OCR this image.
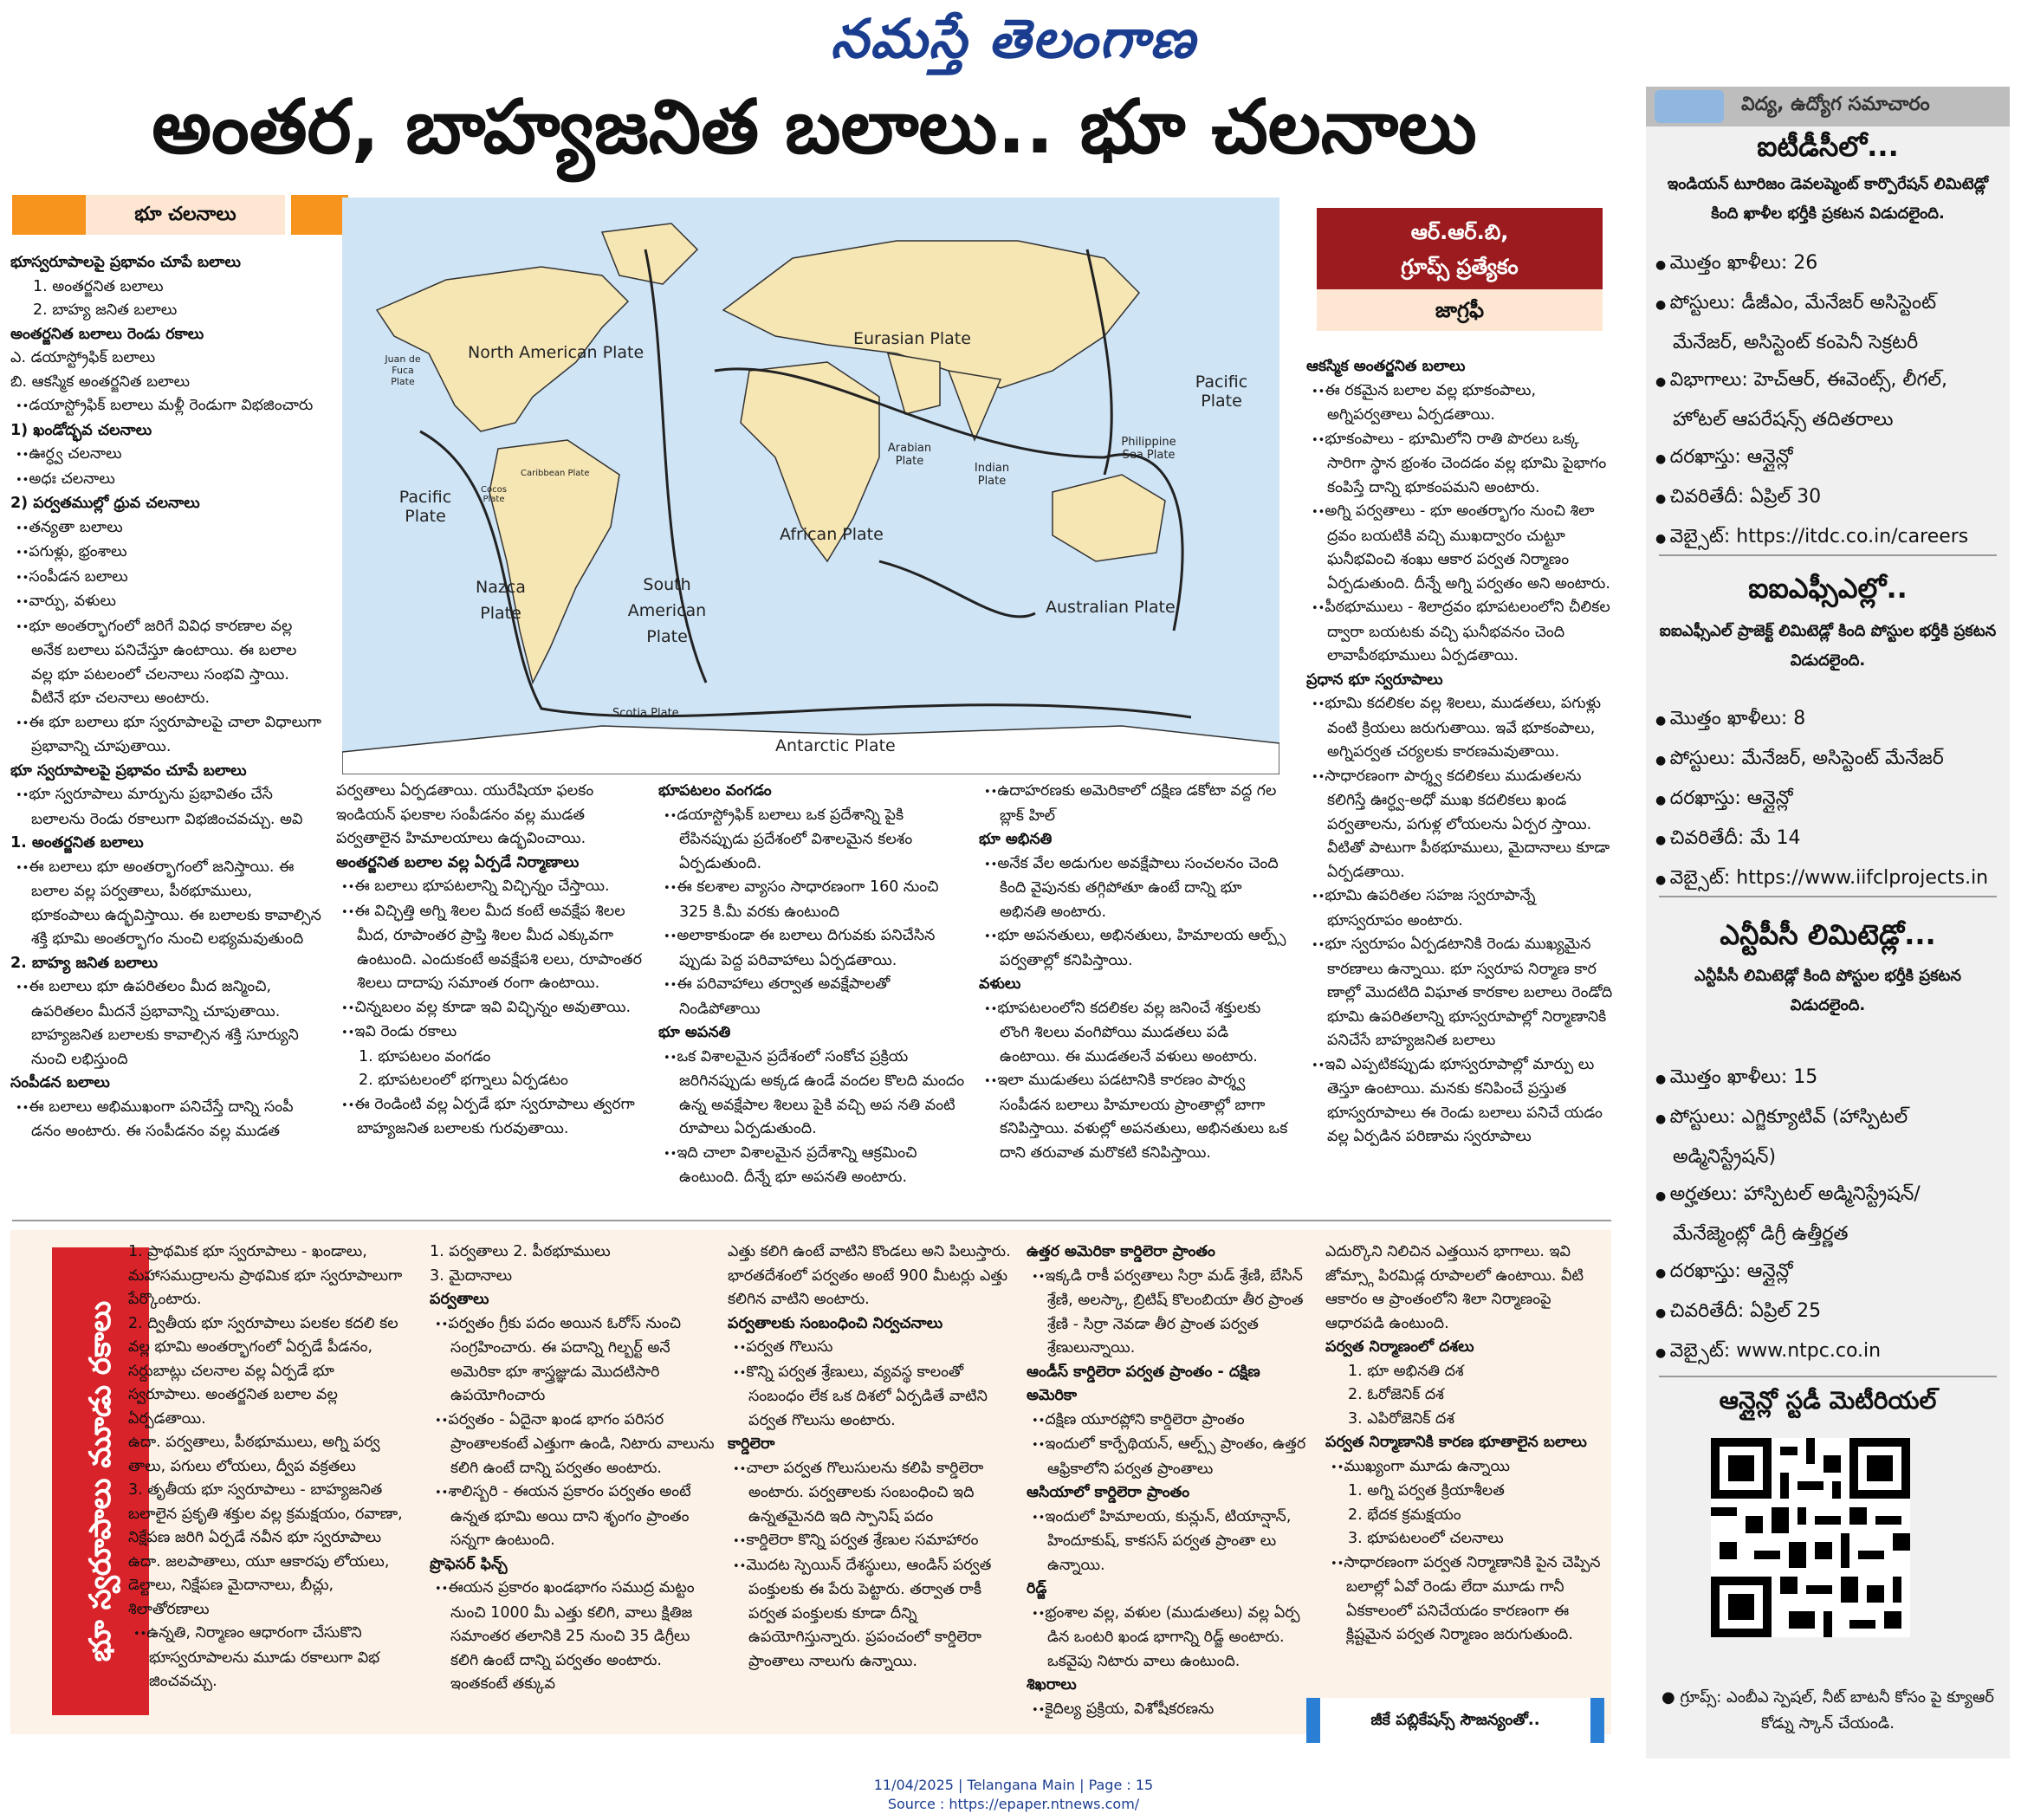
నమస్తే తెలంగాణ
అంతర, బాహ్యజనిత బలాలు.. భూ చలనాలు
భూ చలనాలు
North American Plate
Juan de Fuca Plate
Eurasian Plate
Pacific Plate
Pacific Plate
Philippine Sea Plate
Caribbean Plate
Cocos Plate
Arabian Plate
Indian Plate
African Plate
South American Plate
Nazca Plate	Australian Plate
Scotia Plate
Antarctic Plate
ఆర్.ఆర్.బి,
గ్రూప్స్ ప్రత్యేకం
జాగ్రఫీ

భూస్వరూపాలపై ప్రభావం చూపే బలాలు

1. అంతర్జనిత బలాలు

2. బాహ్య జనిత బలాలు

అంతర్జనిత బలాలు రెండు రకాలు

ఎ. డయాస్ట్రోఫిక్ బలాలు

బి. ఆకస్మిక అంతర్జనిత బలాలు

•• డయాస్ట్రోఫిక్ బలాలు మళ్లీ రెండుగా విభజించారు

1) ఖండోద్భవ చలనాలు

•• ఊర్ధ్వ చలనాలు

•• అధః చలనాలు

2) పర్వతముల్లో ధ్రువ చలనాలు

•• తన్యతా బలాలు

•• పగుళ్లు, భ్రంశాలు

•• సంపీడన బలాలు

•• వార్పు, వళులు

•• భూ అంతర్భాగంలో జరిగే వివిధ కారణాల వల్ల అనేక బలాలు పనిచేస్తూ ఉంటాయి. ఈ బలాల వల్ల భూ పటలంలో చలనాలు సంభవి స్తాయి. వీటినే భూ చలనాలు అంటారు.

•• ఈ భూ బలాలు భూ స్వరూపాలపై చాలా విధాలుగా ప్రభావాన్ని చూపుతాయి.

భూ స్వరూపాలపై ప్రభావం చూపే బలాలు

•• భూ స్వరూపాలు మార్పును ప్రభావితం చేసే బలాలను రెండు రకాలుగా విభజించవచ్చు. అవి

1. అంతర్జనిత బలాలు

•• ఈ బలాలు భూ అంతర్భాగంలో జనిస్తాయి. ఈ బలాల వల్ల పర్వతాలు, పీఠభూములు, భూకంపాలు ఉద్భవిస్తాయి. ఈ బలాలకు కావాల్సిన శక్తి భూమి అంతర్భాగం నుంచి లభ్యమవుతుంది

2. బాహ్య జనిత బలాలు

•• ఈ బలాలు భూ ఉపరితలం మీద జన్మించి, ఉపరితలం మీదనే ప్రభావాన్ని చూపుతాయి. బాహ్యజనిత బలాలకు కావాల్సిన శక్తి సూర్యుని నుంచి లభిస్తుంది

సంపీడన బలాలు

•• ఈ బలాలు అభిముఖంగా పనిచేస్తే దాన్ని సంపీ డనం అంటారు. ఈ సంపీడనం వల్ల ముడత

పర్వతాలు ఏర్పడతాయి. యురేషియా ఫలకం ఇండియన్ ఫలకాల సంపీడనం వల్ల ముడత పర్వతాలైన హిమాలయాలు ఉద్భవించాయి.

అంతర్జనిత బలాల వల్ల ఏర్పడే నిర్మాణాలు

•• ఈ బలాలు భూపటలాన్ని విచ్ఛిన్నం చేస్తాయి.

•• ఈ విచ్ఛిత్తి అగ్ని శిలల మీద కంటే అవక్షేప శిలల మీద, రూపాంతర ప్రాప్తి శిలల మీద ఎక్కువగా ఉంటుంది. ఎందుకంటే అవక్షేపశి లలు, రూపాంతర శిలలు దాదాపు సమాంత రంగా ఉంటాయి.

•• చిన్నబలం వల్ల కూడా ఇవి విచ్ఛిన్నం అవుతాయి.

•• ఇవి రెండు రకాలు

1. భూపటలం వంగడం

2. భూపటలంలో భగ్నాలు ఏర్పడటం

•• ఈ రెండింటి వల్ల ఏర్పడే భూ స్వరూపాలు త్వరగా బాహ్యజనిత బలాలకు గురవుతాయి.

భూపటలం వంగడం

•• డయాస్ట్రోఫిక్ బలాలు ఒక ప్రదేశాన్ని పైకి లేపినప్పుడు ప్రదేశంలో విశాలమైన కలశం ఏర్పడుతుంది.

•• ఈ కలశాల వ్యాసం సాధారణంగా 160 నుంచి 325 కి.మీ వరకు ఉంటుంది

•• అలాకాకుండా ఈ బలాలు దిగువకు పనిచేసిన ప్పుడు పెద్ద పరివాహాలు ఏర్పడతాయి.

•• ఈ పరివాహాలు తర్వాత అవక్షేపాలతో నిండిపోతాయి

భూ అపనతి

•• ఒక విశాలమైన ప్రదేశంలో సంకోచ ప్రక్రియ జరిగినప్పుడు అక్కడ ఉండే వందల కొలది మందం ఉన్న అవక్షేపాల శిలలు పైకి వచ్చి అప నతి వంటి రూపాలు ఏర్పడుతుంది.

•• ఇది చాలా విశాలమైన ప్రదేశాన్ని ఆక్రమించి ఉంటుంది. దీన్నే భూ అపనతి అంటారు.

•• ఉదాహరణకు అమెరికాలో దక్షిణ డకోటా వద్ద గల బ్లాక్ హిల్

భూ అభినతి

•• అనేక వేల అడుగుల అవక్షేపాలు సంచలనం చెంది కింది వైపునకు తగ్గిపోతూ ఉంటే దాన్ని భూ అభినతి అంటారు.

•• భూ అపనతులు, అభినతులు, హిమాలయ ఆల్ప్స్ పర్వతాల్లో కనిపిస్తాయి.

వళులు

•• భూపటలంలోని కదలికల వల్ల జనించే శక్తులకు లొంగి శిలలు వంగిపోయి ముడతలు పడి ఉంటాయి. ఈ ముడతలనే వళులు అంటారు.

•• ఇలా ముడుతలు పడటానికి కారణం పార్శ్వ సంపీడన బలాలు హిమాలయ ప్రాంతాల్లో బాగా కనిపిస్తాయి. వళుల్లో అపనతులు, అభినతులు ఒక దాని తరువాత మరొకటి కనిపిస్తాయి.

ఆకస్మిక అంతర్జనిత బలాలు

•• ఈ రకమైన బలాల వల్ల భూకంపాలు, అగ్నిపర్వతాలు ఏర్పడతాయి.

•• భూకంపాలు - భూమిలోని రాతి పొరలు ఒక్క సారిగా స్థాన భ్రంశం చెందడం వల్ల భూమి పైభాగం కంపిస్తే దాన్ని భూకంపమని అంటారు.

•• అగ్ని పర్వతాలు - భూ అంతర్భాగం నుంచి శిలా ద్రవం బయటికి వచ్చి ముఖద్వారం చుట్టూ ఘనీభవించి శంఖు ఆకార పర్వత నిర్మాణం ఏర్పడుతుంది. దీన్నే అగ్ని పర్వతం అని అంటారు.

•• పీఠభూములు - శిలాద్రవం భూపటలంలోని చీలికల ద్వారా బయటకు వచ్చి ఘనీభవనం చెంది లావాపీఠభూములు ఏర్పడతాయి.

ప్రధాన భూ స్వరూపాలు

•• భూమి కదలికల వల్ల శిలలు, ముడతలు, పగుళ్లు వంటి క్రియలు జరుగుతాయి. ఇవే భూకంపాలు, అగ్నిపర్వత చర్యలకు కారణమవుతాయి.

•• సాధారణంగా పార్శ్వ కదలికలు ముడుతలను కలిగిస్తే ఊర్ధ్వ-అధో ముఖ కదలికలు ఖండ పర్వతాలను, పగుళ్ల లోయలను ఏర్పర స్తాయి. వీటితో పాటుగా పీఠభూములు, మైదానాలు కూడా ఏర్పడతాయి.

•• భూమి ఉపరితల సహజ స్వరూపాన్నే భూస్వరూపం అంటారు.

•• భూ స్వరూపం ఏర్పడటానికి రెండు ముఖ్యమైన కారణాలు ఉన్నాయి. భూ స్వరూప నిర్మాణ కార ణాల్లో మొదటిది విఘాత కారకాల బలాలు రెండోది భూమి ఉపరితలాన్ని భూస్వరూపాల్లో నిర్మాణానికి పనిచేసే బాహ్యజనిత బలాలు

•• ఇవి ఎప్పటికప్పుడు భూస్వరూపాల్లో మార్పు లు తెస్తూ ఉంటాయి. మనకు కనిపించే ప్రస్తుత భూస్వరూపాలు ఈ రెండు బలాలు పనిచే యడం వల్ల ఏర్పడిన పరిణామ స్వరూపాలు

భూ స్వరూపాలు మూడు రకాలు

1. ప్రాథమిక భూ స్వరూపాలు - ఖండాలు, మహాసముద్రాలను ప్రాథమిక భూ స్వరూపాలుగా పేర్కొంటారు.

2. ద్వితీయ భూ స్వరూపాలు పలకల కదలి కల వల్ల భూమి అంతర్భాగంలో ఏర్పడే పీడనం, సర్దుబాట్లు చలనాల వల్ల ఏర్పడే భూ స్వరూపాలు. అంతర్జనిత బలాల వల్ల ఏర్పడతాయి.

ఉదా. పర్వతాలు, పీఠభూములు, అగ్ని పర్వ తాలు, పగులు లోయలు, ద్వీప వక్రతలు

3. తృతీయ భూ స్వరూపాలు - బాహ్యజనిత బలాలైన ప్రకృతి శక్తుల వల్ల క్రమక్షయం, రవాణా, నిక్షేపణ జరిగి ఏర్పడే నవీన భూ స్వరూపాలు

ఉదా. జలపాతాలు, యూ ఆకారపు లోయలు, డెల్టాలు, నిక్షేపణ మైదానాలు, బీచ్లు, శిలాతోరణాలు

•• ఉన్నతి, నిర్మాణం ఆధారంగా చేసుకొని భూస్వరూపాలను మూడు రకాలుగా విభ జించవచ్చు.

1. పర్వతాలు 2. పీఠభూములు

3. మైదానాలు

పర్వతాలు

•• పర్వతం గ్రీకు పదం అయిన ఓరోస్ నుంచి సంగ్రహించారు. ఈ పదాన్ని గిల్బర్ట్ అనే అమెరికా భూ శాస్త్రజ్ఞుడు మొదటిసారి ఉపయోగించారు

•• పర్వతం - ఏదైనా ఖండ భాగం పరిసర ప్రాంతాలకంటే ఎత్తుగా ఉండి, నిటారు వాలును కలిగి ఉంటే దాన్ని పర్వతం అంటారు.

•• శాలిస్బరి - ఈయన ప్రకారం పర్వతం అంటే ఉన్నత భూమి అయి దాని శృంగం ప్రాంతం సన్నగా ఉంటుంది.

ప్రొఫెసర్ ఫిన్చ్

•• ఈయన ప్రకారం ఖండభాగం సముద్ర మట్టం నుంచి 1000 మీ ఎత్తు కలిగి, వాలు క్షితిజ సమాంతర తలానికి 25 నుంచి 35 డిగ్రీలు కలిగి ఉంటే దాన్ని పర్వతం అంటారు. ఇంతకంటే తక్కువ

ఎత్తు కలిగి ఉంటే వాటిని కొండలు అని పిలుస్తారు. భారతదేశంలో పర్వతం అంటే 900 మీటర్లు ఎత్తు కలిగిన వాటిని అంటారు.

పర్వతాలకు సంబంధించి నిర్వచనాలు

•• పర్వత గొలుసు

•• కొన్ని పర్వత శ్రేణులు, వ్యవస్థ కాలంతో సంబంధం లేక ఒక దిశలో ఏర్పడితే వాటిని పర్వత గొలుసు అంటారు.

కార్డిలెరా

•• చాలా పర్వత గొలుసులను కలిపి కార్డిలెరా అంటారు. పర్వతాలకు సంబంధించి ఇది ఉన్నతమైనది ఇది స్పానిష్ పదం

•• కార్డిలెరా కొన్ని పర్వత శ్రేణుల సమాహారం

•• మొదట స్పెయిన్ దేశస్థులు, ఆండిస్ పర్వత పంక్తులకు ఈ పేరు పెట్టారు. తర్వాత రాకీ పర్వత పంక్తులకు కూడా దీన్ని ఉపయోగిస్తున్నారు. ప్రపంచంలో కార్డిలెరా ప్రాంతాలు నాలుగు ఉన్నాయి.

ఉత్తర అమెరికా కార్డిలెరా ప్రాంతం

•• ఇక్కడి రాకీ పర్వతాలు సిర్రా మడ్ శ్రేణి, బేసిన్ శ్రేణి, అలస్కా, బ్రిటిష్ కొలంబియా తీర ప్రాంత శ్రేణి - సిర్రా నెవడా తీర ప్రాంత పర్వత శ్రేణులున్నాయి.

ఆండీస్ కార్డిలెరా పర్వత ప్రాంతం - దక్షిణ అమెరికా

•• దక్షిణ యూరప్లోని కార్డిలెరా ప్రాంతం

•• ఇందులో కార్పేథియన్, ఆల్ప్స్ ప్రాంతం, ఉత్తర ఆఫ్రికాలోని పర్వత ప్రాంతాలు

ఆసియాలో కార్డిలెరా ప్రాంతం

•• ఇందులో హిమాలయ, కున్లున్, టియాన్షాన్, హిందూకుష్, కాకసస్ పర్వత ప్రాంతా లు ఉన్నాయి.

రిడ్జ్

•• భ్రంశాల వల్ల, వళుల (ముడుతలు) వల్ల ఏర్ప డిన ఒంటరి ఖండ భాగాన్ని రిడ్జ్ అంటారు. ఒకవైపు నిటారు వాలు ఉంటుంది.

శిఖరాలు

•• కైదిల్య ప్రక్రియ, విశోషీకరణను

ఎదుర్కొని నిలిచిన ఎత్తయిన భాగాలు. ఇవి జోమ్స్గా పిరమిడ్ల రూపాలలో ఉంటాయి. వీటి ఆకారం ఆ ప్రాంతంలోని శిలా నిర్మాణంపై ఆధారపడి ఉంటుంది.

పర్వత నిర్మాణంలో దశలు

1. భూ అభినతి దశ

2. ఓరోజెనిక్ దశ

3. ఎపిరోజెనిక్ దశ

పర్వత నిర్మాణానికి కారణ భూతాలైన బలాలు

•• ముఖ్యంగా మూడు ఉన్నాయి

1. అగ్ని పర్వత క్రియాశీలత

2. భేదక క్రమక్షయం

3. భూపటలంలో చలనాలు

•• సాధారణంగా పర్వత నిర్మాణానికి పైన చెప్పిన బలాల్లో ఏవో రెండు లేదా మూడు గానీ ఏకకాలంలో పనిచేయడం కారణంగా ఈ క్లిష్టమైన పర్వత నిర్మాణం జరుగుతుంది.

జీకే పబ్లికేషన్స్ సౌజన్యంతో..
విద్య, ఉద్యోగ సమాచారం
ఐటీడీసీలో...
ఇండియన్ టూరిజం డెవలప్మెంట్ కార్పొరేషన్ లిమిటెడ్లో కింది ఖాళీల భర్తీకి ప్రకటన విడుదలైంది.

● మొత్తం ఖాళీలు: 26

● పోస్టులు: డీజీఎం, మేనేజర్ అసిస్టెంట్ మేనేజర్, అసిస్టెంట్ కంపెనీ సెక్రటరీ

● విభాగాలు: హెచ్ఆర్, ఈవెంట్స్, లీగల్, హోటల్ ఆపరేషన్స్ తదితరాలు

● దరఖాస్తు: ఆన్లైన్లో

● చివరితేదీ: ఏప్రిల్ 30

● వెబ్సైట్: https://itdc.co.in/careers

ఐఐఎఫ్సీఎల్లో..
ఐఐఎఫ్సీఎల్ ప్రాజెక్ట్ లిమిటెడ్లో కింది పోస్టుల భర్తీకి ప్రకటన విడుదలైంది.

● మొత్తం ఖాళీలు: 8

● పోస్టులు: మేనేజర్, అసిస్టెంట్ మేనేజర్

● దరఖాస్తు: ఆన్లైన్లో

● చివరితేదీ: మే 14

● వెబ్సైట్: https://www.iifclprojects.in

ఎన్టీపీసీ లిమిటెడ్లో...
ఎన్టీపీసీ లిమిటెడ్లో కింది పోస్టుల భర్తీకి ప్రకటన విడుదలైంది.

● మొత్తం ఖాళీలు: 15

● పోస్టులు: ఎగ్జిక్యూటివ్ (హాస్పిటల్ అడ్మినిస్ట్రేషన్)

● అర్హతలు: హాస్పిటల్ అడ్మినిస్ట్రేషన్/ మేనేజ్మెంట్లో డిగ్రీ ఉత్తీర్ణత

● దరఖాస్తు: ఆన్లైన్లో

● చివరితేదీ: ఏప్రిల్ 25

● వెబ్సైట్: www.ntpc.co.in

ఆన్లైన్లో స్టడీ మెటీరియల్
● గ్రూప్స్: ఎంబీఎ స్పెషల్, నీట్ బాటనీ కోసం పై క్యూఆర్ కోడ్ను స్కాన్ చేయండి.
11/04/2025 | Telangana Main | Page : 15
Source : https://epaper.ntnews.com/
